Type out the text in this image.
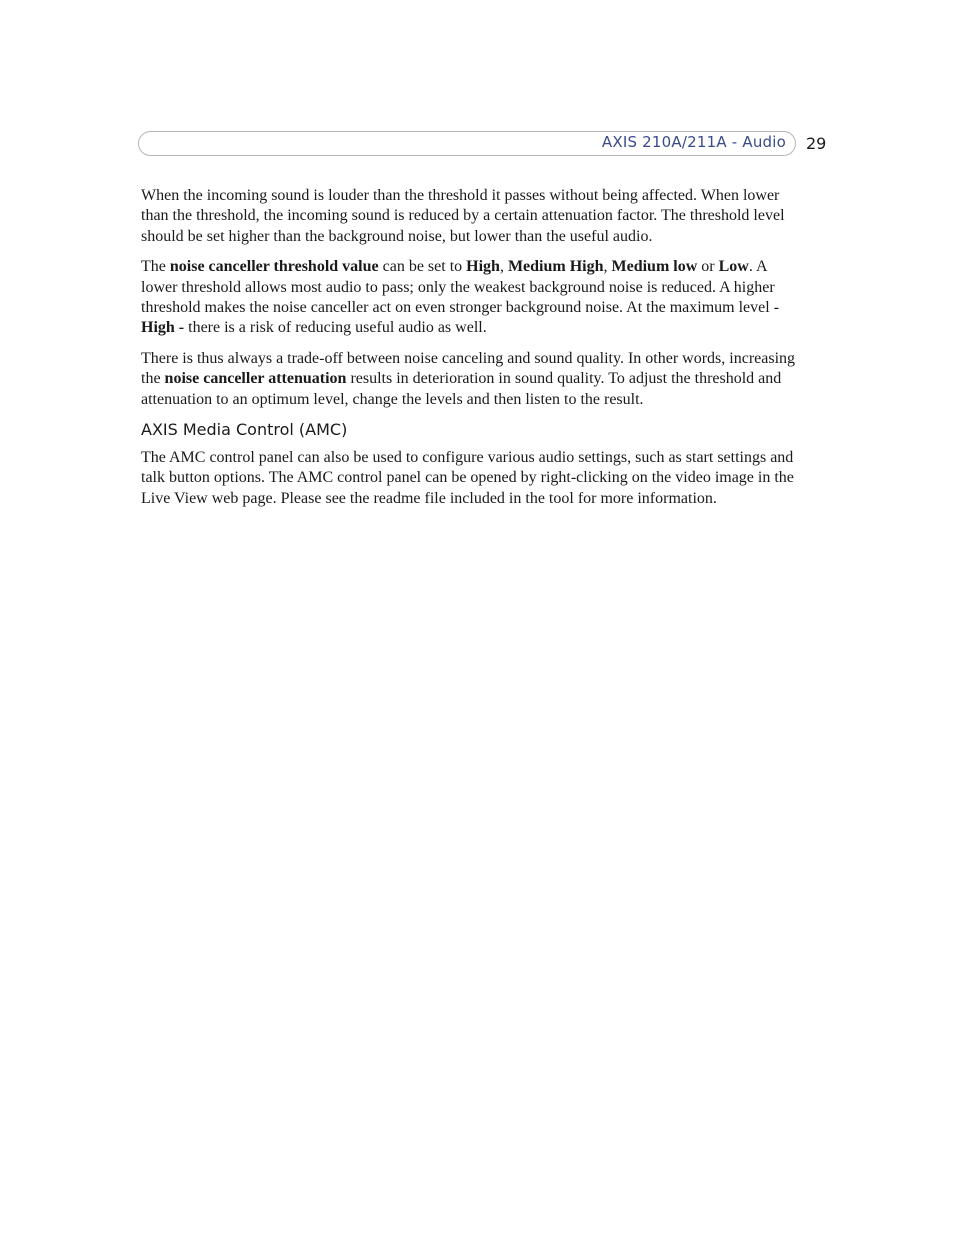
AXIS 210A/211A - Audio 29

When the incoming sound is louder than the threshold it passes without being affected. When lower than the threshold, the incoming sound is reduced by a certain attenuation factor. The threshold level should be set higher than the background noise, but lower than the useful audio.

The noise canceller threshold value can be set to High, Medium High, Medium low or Low. A lower threshold allows most audio to pass; only the weakest background noise is reduced. A higher threshold makes the noise canceller act on even stronger background noise. At the maximum level - High - there is a risk of reducing useful audio as well.

There is thus always a trade-off between noise canceling and sound quality. In other words, increasing the noise canceller attenuation results in deterioration in sound quality. To adjust the threshold and attenuation to an optimum level, change the levels and then listen to the result.

AXIS Media Control (AMC)

The AMC control panel can also be used to configure various audio settings, such as start settings and talk button options. The AMC control panel can be opened by right-clicking on the video image in the Live View web page. Please see the readme file included in the tool for more information.
